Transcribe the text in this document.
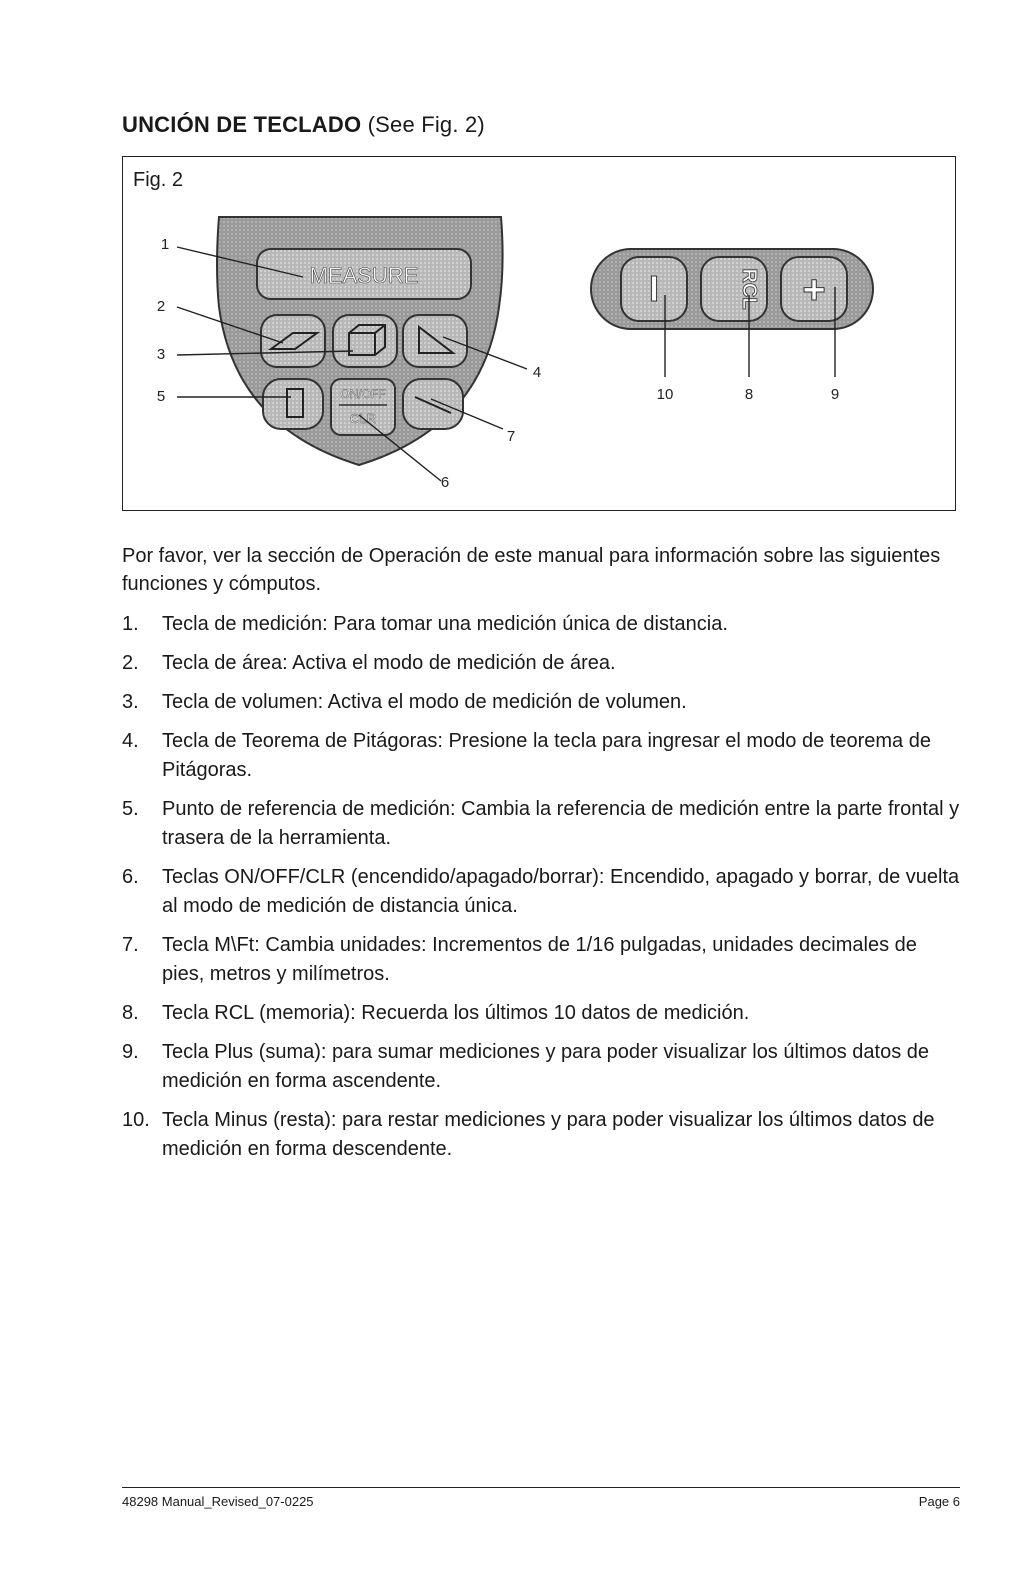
UNCIÓN DE TECLADO (See Fig. 2)
Fig. 2
MEASURE
ON/OFF
CLR
I	RCL +
1
2
3
4
5
6
7
10	8	9

Por favor, ver la sección de Operación de este manual para información sobre las siguientes funciones y cómputos.

1. Tecla de medición: Para tomar una medición única de distancia.
2. Tecla de área: Activa el modo de medición de área.
3. Tecla de volumen: Activa el modo de medición de volumen.
4. Tecla de Teorema de Pitágoras: Presione la tecla para ingresar el modo de teorema de Pitágoras.
5. Punto de referencia de medición: Cambia la referencia de medición entre la parte frontal y trasera de la herramienta.
6. Teclas ON/OFF/CLR (encendido/apagado/borrar): Encendido, apagado y borrar, de vuelta al modo de medición de distancia única.
7. Tecla M\Ft: Cambia unidades: Incrementos de 1/16 pulgadas, unidades decimales de pies, metros y milímetros.
8. Tecla RCL (memoria): Recuerda los últimos 10 datos de medición.
9. Tecla Plus (suma): para sumar mediciones y para poder visualizar los últimos datos de medición en forma ascendente.
10. Tecla Minus (resta): para restar mediciones y para poder visualizar los últimos datos de medición en forma descendente.
48298 Manual_Revised_07-0225	Page 6
